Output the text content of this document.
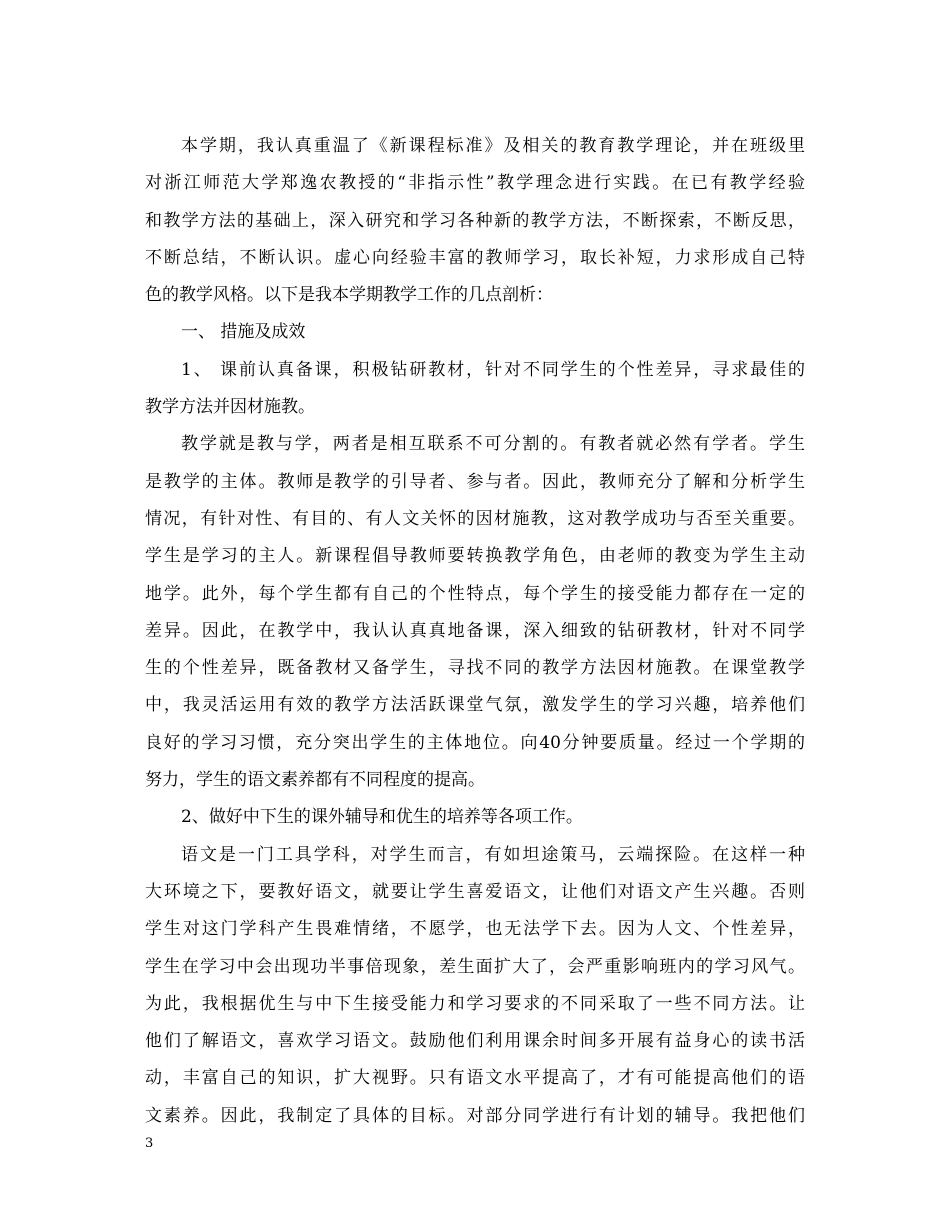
本学期，我认真重温了《新课程标准》及相关的教育教学理论，并在班级里
对浙江师范大学郑逸农教授的“非指示性”教学理念进行实践。在已有教学经验
和教学方法的基础上，深入研究和学习各种新的教学方法，不断探索，不断反思，
不断总结，不断认识。虚心向经验丰富的教师学习，取长补短，力求形成自己特
色的教学风格。以下是我本学期教学工作的几点剖析：
一、 措施及成效
1、 课前认真备课，积极钻研教材，针对不同学生的个性差异，寻求最佳的
教学方法并因材施教。
教学就是教与学，两者是相互联系不可分割的。有教者就必然有学者。学生
是教学的主体。教师是教学的引导者、参与者。因此，教师充分了解和分析学生
情况，有针对性、有目的、有人文关怀的因材施教，这对教学成功与否至关重要。
学生是学习的主人。新课程倡导教师要转换教学角色，由老师的教变为学生主动
地学。此外，每个学生都有自己的个性特点，每个学生的接受能力都存在一定的
差异。因此，在教学中，我认认真真地备课，深入细致的钻研教材，针对不同学
生的个性差异，既备教材又备学生，寻找不同的教学方法因材施教。在课堂教学
中，我灵活运用有效的教学方法活跃课堂气氛，激发学生的学习兴趣，培养他们
良好的学习习惯，充分突出学生的主体地位。向40分钟要质量。经过一个学期的
努力，学生的语文素养都有不同程度的提高。
2、做好中下生的课外辅导和优生的培养等各项工作。
语文是一门工具学科，对学生而言，有如坦途策马，云端探险。在这样一种
大环境之下，要教好语文，就要让学生喜爱语文，让他们对语文产生兴趣。否则
学生对这门学科产生畏难情绪，不愿学，也无法学下去。因为人文、个性差异，
学生在学习中会出现功半事倍现象，差生面扩大了，会严重影响班内的学习风气。
为此，我根据优生与中下生接受能力和学习要求的不同采取了一些不同方法。让
他们了解语文，喜欢学习语文。鼓励他们利用课余时间多开展有益身心的读书活
动，丰富自己的知识，扩大视野。只有语文水平提高了，才有可能提高他们的语
文素养。因此，我制定了具体的目标。对部分同学进行有计划的辅导。我把他们
3
